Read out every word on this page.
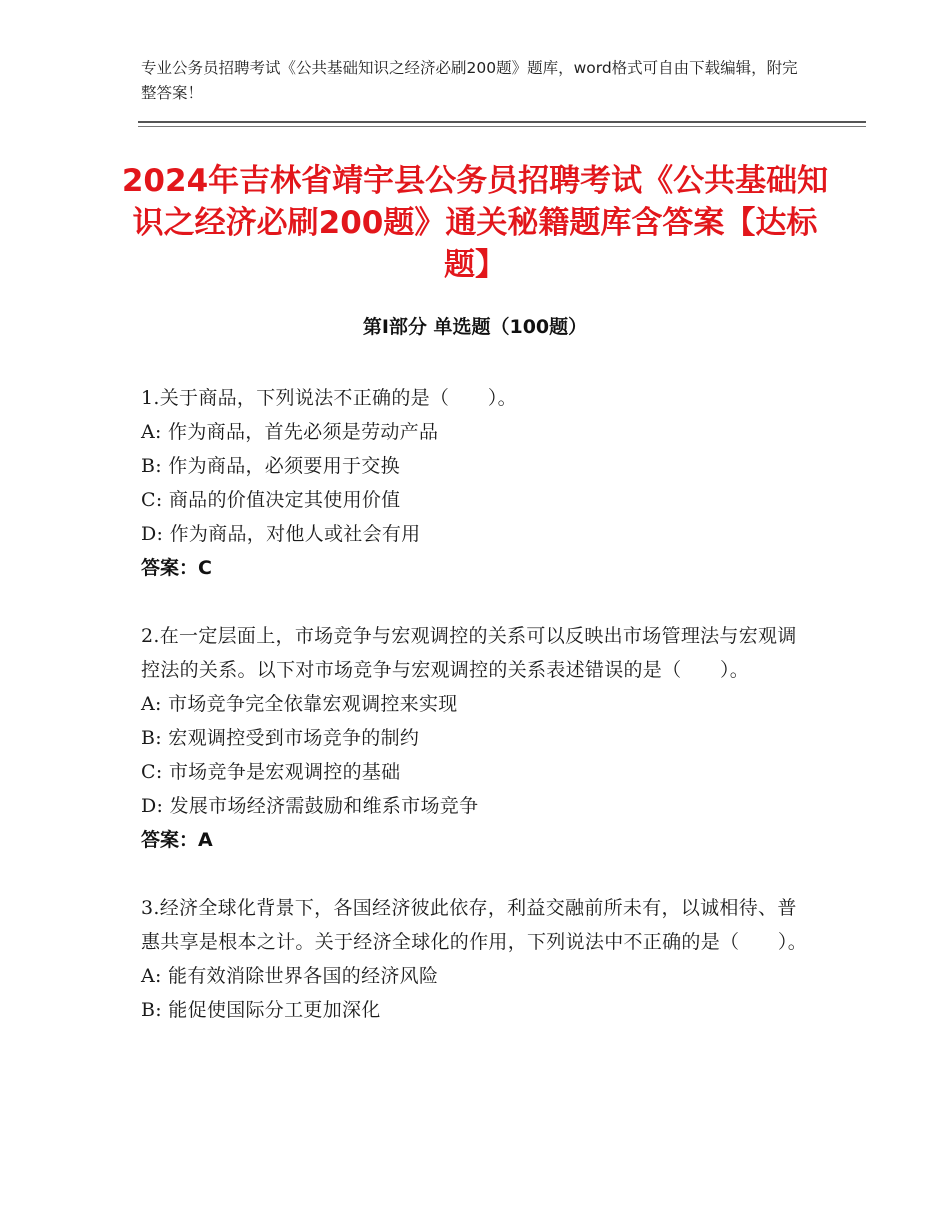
专业公务员招聘考试《公共基础知识之经济必刷200题》题库，word格式可自由下载编辑，附完整答案！
2024年吉林省靖宇县公务员招聘考试《公共基础知识之经济必刷200题》通关秘籍题库含答案【达标题】
第Ⅰ部分 单选题（100题）
1.关于商品，下列说法不正确的是（　　）。
A: 作为商品，首先必须是劳动产品
B: 作为商品，必须要用于交换
C: 商品的价值决定其使用价值
D: 作为商品，对他人或社会有用
答案：C
2.在一定层面上，市场竞争与宏观调控的关系可以反映出市场管理法与宏观调控法的关系。以下对市场竞争与宏观调控的关系表述错误的是（　　）。
A: 市场竞争完全依靠宏观调控来实现
B: 宏观调控受到市场竞争的制约
C: 市场竞争是宏观调控的基础
D: 发展市场经济需鼓励和维系市场竞争
答案：A
3.经济全球化背景下，各国经济彼此依存，利益交融前所未有，以诚相待、普惠共享是根本之计。关于经济全球化的作用，下列说法中不正确的是（　　）。
A: 能有效消除世界各国的经济风险
B: 能促使国际分工更加深化
